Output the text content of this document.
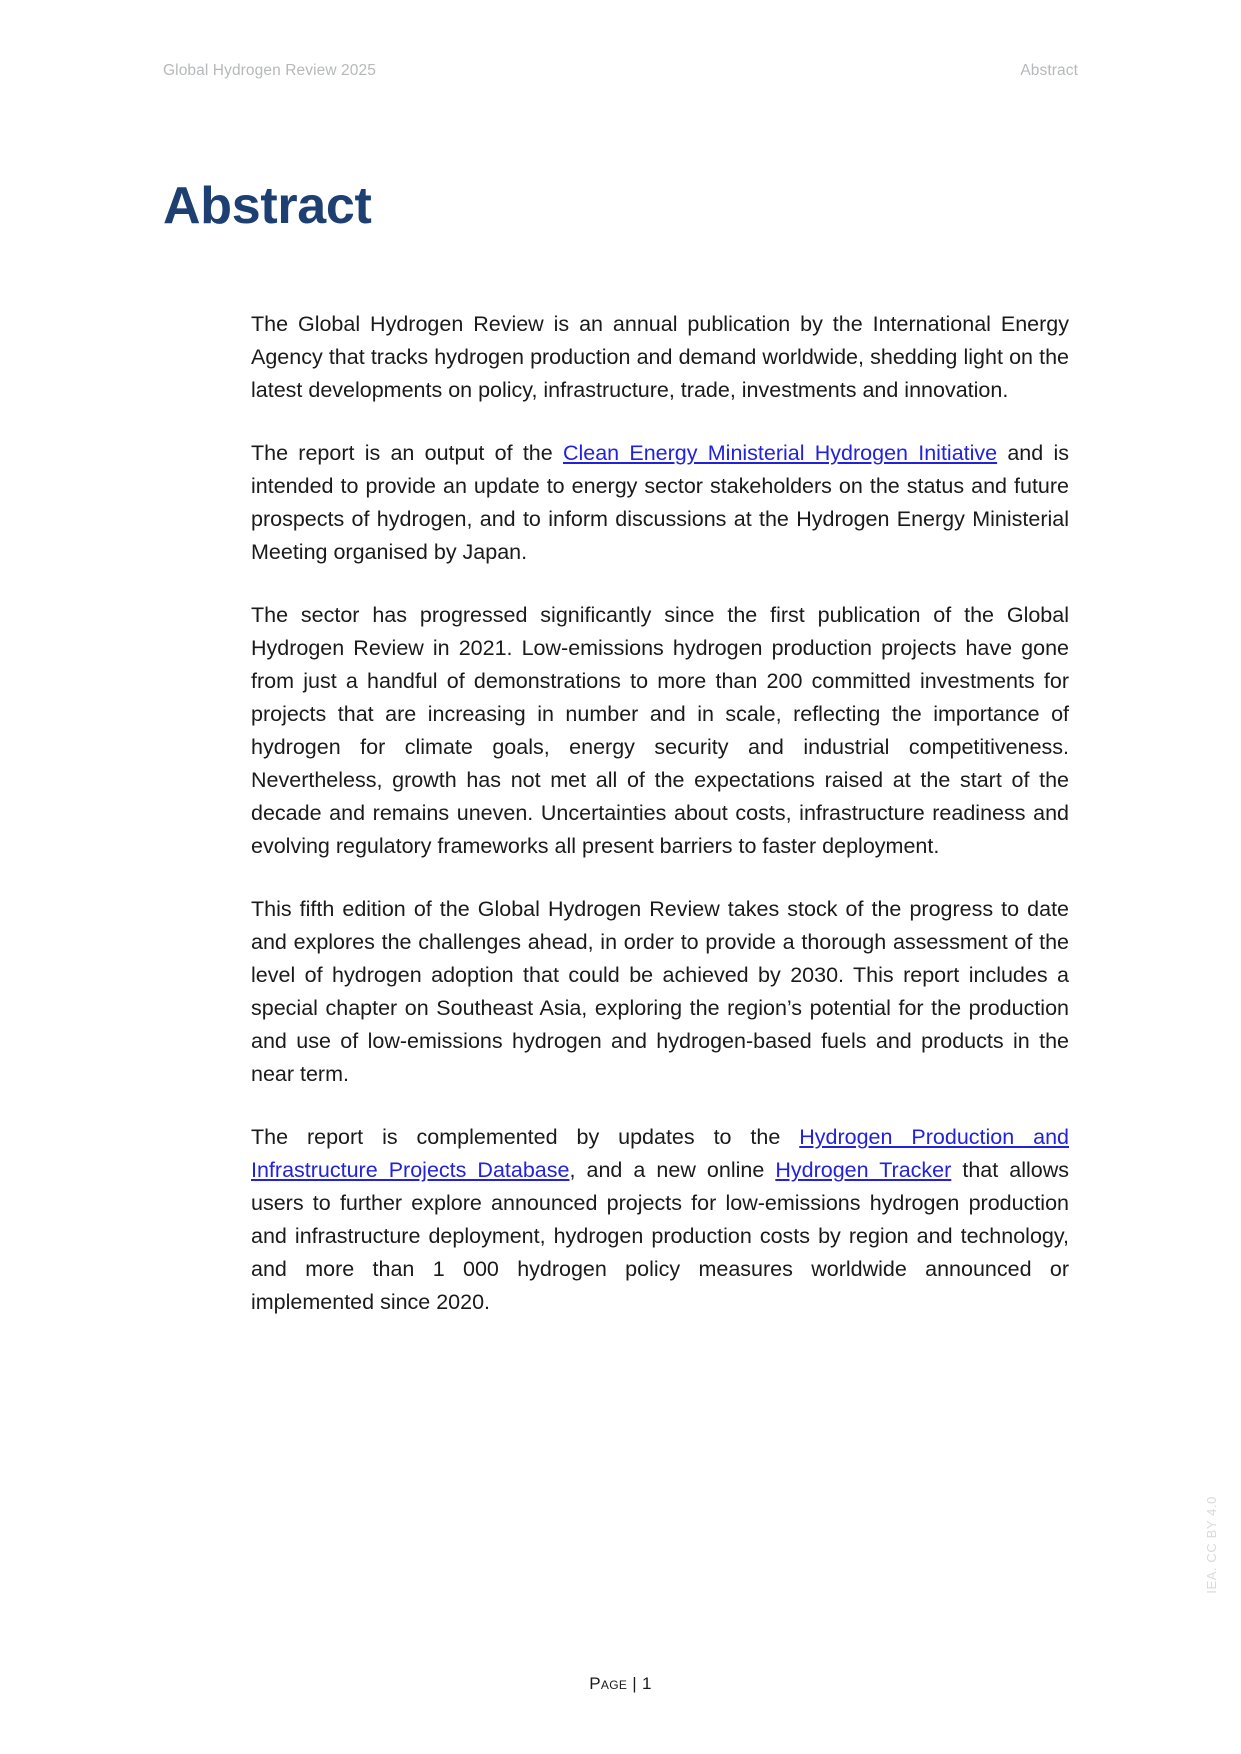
Global Hydrogen Review 2025	Abstract
Abstract

The Global Hydrogen Review is an annual publication by the International Energy Agency that tracks hydrogen production and demand worldwide, shedding light on the latest developments on policy, infrastructure, trade, investments and innovation.

The report is an output of the Clean Energy Ministerial Hydrogen Initiative and is intended to provide an update to energy sector stakeholders on the status and future prospects of hydrogen, and to inform discussions at the Hydrogen Energy Ministerial Meeting organised by Japan.

The sector has progressed significantly since the first publication of the Global Hydrogen Review in 2021. Low-emissions hydrogen production projects have gone from just a handful of demonstrations to more than 200 committed investments for projects that are increasing in number and in scale, reflecting the importance of hydrogen for climate goals, energy security and industrial competitiveness. Nevertheless, growth has not met all of the expectations raised at the start of the decade and remains uneven. Uncertainties about costs, infrastructure readiness and evolving regulatory frameworks all present barriers to faster deployment.

This fifth edition of the Global Hydrogen Review takes stock of the progress to date and explores the challenges ahead, in order to provide a thorough assessment of the level of hydrogen adoption that could be achieved by 2030. This report includes a special chapter on Southeast Asia, exploring the region’s potential for the production and use of low-emissions hydrogen and hydrogen-based fuels and products in the near term.

The report is complemented by updates to the Hydrogen Production and Infrastructure Projects Database, and a new online Hydrogen Tracker that allows users to further explore announced projects for low-emissions hydrogen production and infrastructure deployment, hydrogen production costs by region and technology, and more than 1 000 hydrogen policy measures worldwide announced or implemented since 2020.

Page | 1
IEA. CC BY 4.0
